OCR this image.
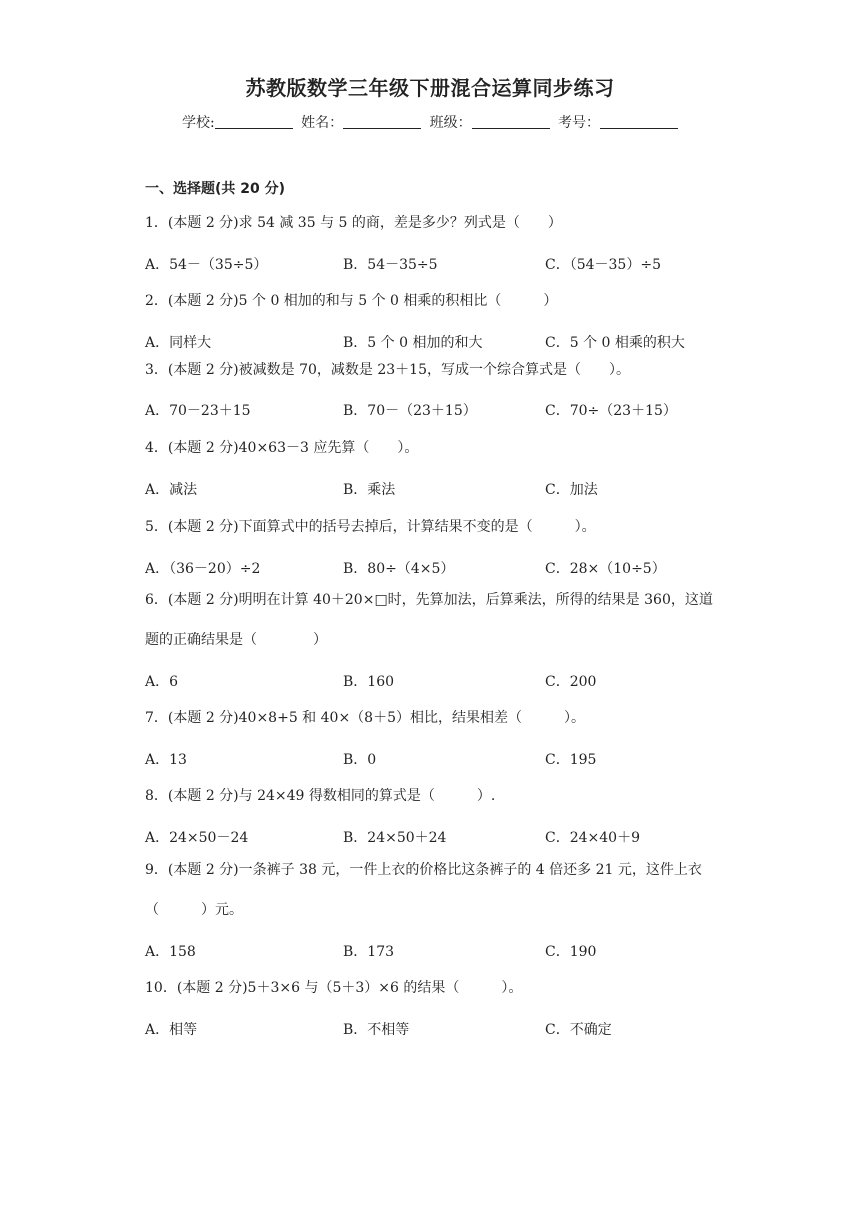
苏教版数学三年级下册混合运算同步练习
学校:	姓名：	班级：	考号：
一、选择题(共 20 分)
1．(本题 2 分)求 54 减 35 与 5 的商，差是多少？列式是（　　）
A．54－（35÷5）	B．54－35÷5	C．（54－35）÷5
2．(本题 2 分)5 个 0 相加的和与 5 个 0 相乘的积相比（　　　）
A．同样大	B．5 个 0 相加的和大	C．5 个 0 相乘的积大
3．(本题 2 分)被减数是 70，减数是 23＋15，写成一个综合算式是（　　）。
A．70－23＋15	B．70－（23＋15）	C．70÷（23＋15）
4．(本题 2 分)40×63－3 应先算（　　）。
A．减法	B．乘法	C．加法
5．(本题 2 分)下面算式中的括号去掉后，计算结果不变的是（　　　）。
A．（36－20）÷2	B．80÷（4×5）	C．28×（10÷5）
6．(本题 2 分)明明在计算 40＋20×□时，先算加法，后算乘法，所得的结果是 360，这道题的正确结果是（　　　　）
A．6	B．160	C．200
7．(本题 2 分)40×8+5 和 40×（8＋5）相比，结果相差（　　　）。
A．13	B．0	C．195
8．(本题 2 分)与 24×49 得数相同的算式是（　　　）.
A．24×50－24	B．24×50＋24	C．24×40＋9
9．(本题 2 分)一条裤子 38 元，一件上衣的价格比这条裤子的 4 倍还多 21 元，这件上衣（　　　）元。
A．158	B．173	C．190
10．(本题 2 分)5＋3×6 与（5＋3）×6 的结果（　　　）。
A．相等	B．不相等	C．不确定
